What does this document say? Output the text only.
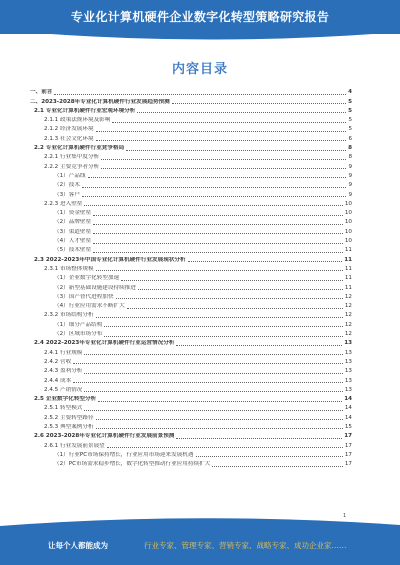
专业化计算机硬件企业数字化转型策略研究报告
内容目录
一、前言	4
二、2023-2028年专业化计算机硬件行业发展趋势预测	5
2.1 专业化计算机硬件行业宏观环境分析	5
2.1.1 政策法规环境及影响	5
2.1.2 经济发展环境	5
2.1.3 社会文化环境	6
2.2 专业化计算机硬件行业竞争格局	8
2.2.1 行业集中度分析	8
2.2.2 主要竞争者分析	9
（1）产品线	9
（2）技术	9
（3）客户	9
2.2.3 进入壁垒	10
（1）资金壁垒	10
（2）品牌壁垒	10
（3）渠道壁垒	10
（4）人才壁垒	10
（5）技术壁垒	11
2.3 2022-2023年中国专业化计算机硬件行业发展现状分析	11
2.3.1 市场整体规模	11
（1）企业数字化转型加速	11
（2）新型基础设施建设持续推进	11
（3）国产替代进程加快	12
（4）行业应用需求不断扩大	12
2.3.2 市场结构分析	12
（1）细分产品结构	12
（2）区域市场分布	12
2.4 2022-2023年专业化计算机硬件行业运营情况分析	13
2.4.1 行业规模	13
2.4.2 营收	13
2.4.3 盈利分析	13
2.4.4 成本	13
2.4.5 产销情况	13
2.5 企业数字化转型分析	14
2.5.1 转型模式	14
2.5.2 主要转型路径	14
2.5.3 典型案例分析	15
2.6 2023-2028年专业化计算机硬件行业发展前景预测	17
2.6.1 行业发展前景展望	17
（1）行业PC市场保持增长，行业应用市场迎来发展机遇	17
（2）PC市场需求稳步增长，数字化转型推动行业应用持续扩大	17
1
让每个人都能成为	行业专家、管理专家、营销专家、战略专家、成功企业家……
